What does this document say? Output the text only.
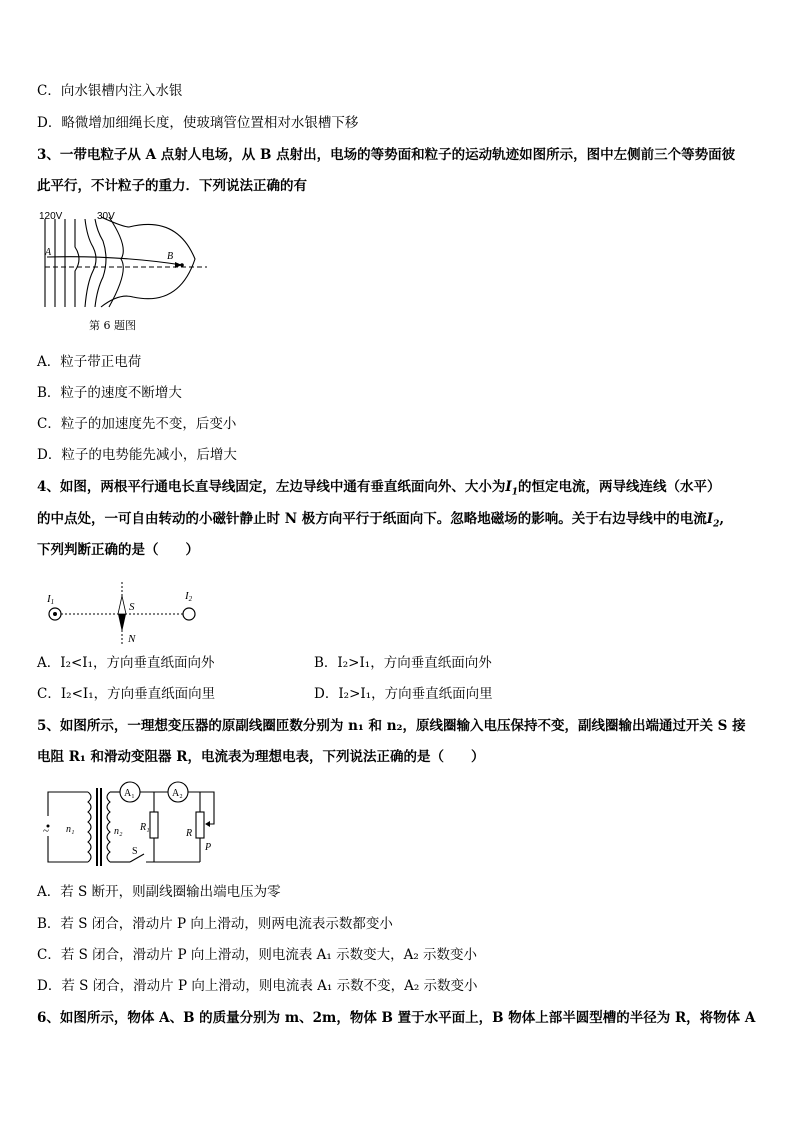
C．向水银槽内注入水银
D．略微增加细绳长度，使玻璃管位置相对水银槽下移
3、一带电粒子从 A 点射人电场，从 B 点射出，电场的等势面和粒子的运动轨迹如图所示，图中左侧前三个等势面彼
此平行，不计粒子的重力．下列说法正确的有
120V	30V
A	B
第 6 题图
A．粒子带正电荷
B．粒子的速度不断增大
C．粒子的加速度先不变，后变小
D．粒子的电势能先减小，后增大
4、如图，两根平行通电长直导线固定，左边导线中通有垂直纸面向外、大小为$I_1$的恒定电流，两导线连线（水平）
的中点处，一可自由转动的小磁针静止时 N 极方向平行于纸面向下。忽略地磁场的影响。关于右边导线中的电流$I_2$,
下列判断正确的是（　　）
I1	I2
S
N
A．I₂<I₁，方向垂直纸面向外	B．I₂>I₁，方向垂直纸面向外
C．I₂<I₁，方向垂直纸面向里	D．I₂>I₁，方向垂直纸面向里
5、如图所示，一理想变压器的原副线圈匝数分别为 n₁ 和 n₂，原线圈输入电压保持不变，副线圈输出端通过开关 S 接
电阻 R₁ 和滑动变阻器 R，电流表为理想电表，下列说法正确的是（　　）
A₁	A₂
~ n₁	n₂ R₁
R
P
S
A．若 S 断开，则副线圈输出端电压为零
B．若 S 闭合，滑动片 P 向上滑动，则两电流表示数都变小
C．若 S 闭合，滑动片 P 向上滑动，则电流表 A₁ 示数变大，A₂ 示数变小
D．若 S 闭合，滑动片 P 向上滑动，则电流表 A₁ 示数不变，A₂ 示数变小
6、如图所示，物体 A、B 的质量分别为 m、2m，物体 B 置于水平面上，B 物体上部半圆型槽的半径为 R，将物体 A
